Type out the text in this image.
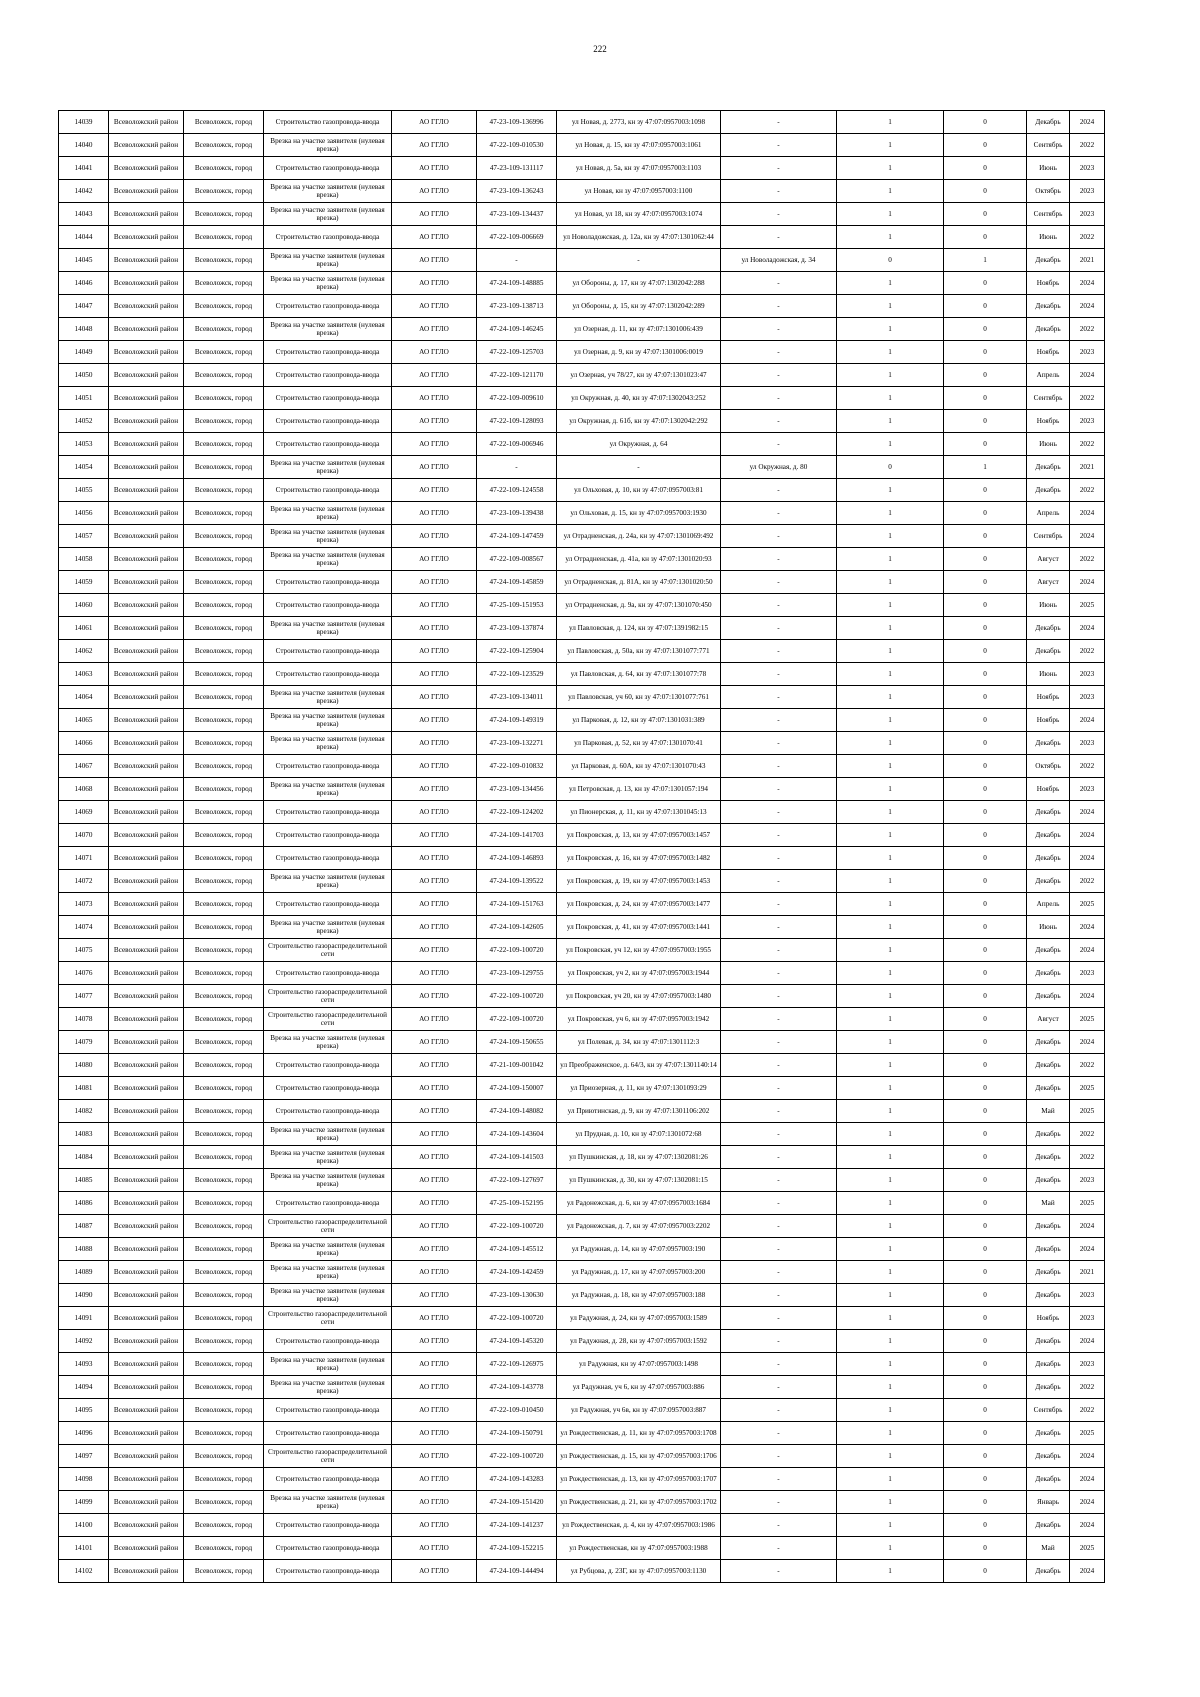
222
14039	Всеволожский район	Всеволожск, город	Строительство газопровода-ввода	АО ГГЛО	47-23-109-136996	ул Новая, д. 2773, кн зу 47:07:0957003:1098	-	1	0	Декабрь	2024
14040	Всеволожский район	Всеволожск, город	Врезка на участке заявителя (нулевая врезка)	АО ГГЛО	47-22-109-010530	ул Новая, д. 15, кн зу 47:07:0957003:1061	-	1	0	Сентябрь	2022
14041	Всеволожский район	Всеволожск, город	Строительство газопровода-ввода	АО ГГЛО	47-23-109-131117	ул Новая, д. 5а, кн зу 47:07:0957003:1103	-	1	0	Июнь	2023
14042	Всеволожский район	Всеволожск, город	Врезка на участке заявителя (нулевая врезка)	АО ГГЛО	47-23-109-136243	ул Новая, кн зу 47:07:0957003:1100	-	1	0	Октябрь	2023
14043	Всеволожский район	Всеволожск, город	Врезка на участке заявителя (нулевая врезка)	АО ГГЛО	47-23-109-134437	ул Новая, ул 18, кн зу 47:07:0957003:1074	-	1	0	Сентябрь	2023
14044	Всеволожский район	Всеволожск, город	Строительство газопровода-ввода	АО ГГЛО	47-22-109-006669	ул Новоладожская, д. 12а, кн зу 47:07:1301062:44	-	1	0	Июнь	2022
14045	Всеволожский район	Всеволожск, город	Врезка на участке заявителя (нулевая врезка)	АО ГГЛО	-	-	ул Новоладожская, д. 34	0	1	Декабрь	2021
14046	Всеволожский район	Всеволожск, город	Врезка на участке заявителя (нулевая врезка)	АО ГГЛО	47-24-109-148885	ул Обороны, д. 17, кн зу 47:07:1302042:288	-	1	0	Ноябрь	2024
14047	Всеволожский район	Всеволожск, город	Строительство газопровода-ввода	АО ГГЛО	47-23-109-138713	ул Обороны, д. 15, кн зу 47:07:1302042:289	-	1	0	Декабрь	2024
14048	Всеволожский район	Всеволожск, город	Врезка на участке заявителя (нулевая врезка)	АО ГГЛО	47-24-109-146245	ул Озерная, д. 11, кн зу 47:07:1301006:439	-	1	0	Декабрь	2022
14049	Всеволожский район	Всеволожск, город	Строительство газопровода-ввода	АО ГГЛО	47-22-109-125703	ул Озерная, д. 9, кн зу 47:07:1301006:0019	-	1	0	Ноябрь	2023
14050	Всеволожский район	Всеволожск, город	Строительство газопровода-ввода	АО ГГЛО	47-22-109-121170	ул Озерная, уч 78/27, кн зу 47:07:1301023:47	-	1	0	Апрель	2024
14051	Всеволожский район	Всеволожск, город	Строительство газопровода-ввода	АО ГГЛО	47-22-109-009610	ул Окружная, д. 40, кн зу 47:07:1302043:252	-	1	0	Сентябрь	2022
14052	Всеволожский район	Всеволожск, город	Строительство газопровода-ввода	АО ГГЛО	47-22-109-128093	ул Окружная, д. 61б, кн зу 47:07:1302042:292	-	1	0	Ноябрь	2023
14053	Всеволожский район	Всеволожск, город	Строительство газопровода-ввода	АО ГГЛО	47-22-109-006946	ул Окружная, д. 64	-	1	0	Июнь	2022
14054	Всеволожский район	Всеволожск, город	Врезка на участке заявителя (нулевая врезка)	АО ГГЛО	-	-	ул Окружная, д. 80	0	1	Декабрь	2021
14055	Всеволожский район	Всеволожск, город	Строительство газопровода-ввода	АО ГГЛО	47-22-109-124558	ул Ольховая, д. 10, кн зу 47:07:0957003:81	-	1	0	Декабрь	2022
14056	Всеволожский район	Всеволожск, город	Врезка на участке заявителя (нулевая врезка)	АО ГГЛО	47-23-109-139438	ул Ольховая, д. 15, кн зу 47:07:0957003:1930	-	1	0	Апрель	2024
14057	Всеволожский район	Всеволожск, город	Врезка на участке заявителя (нулевая врезка)	АО ГГЛО	47-24-109-147459	ул Отрадненская, д. 24а, кн зу 47:07:1301069:492	-	1	0	Сентябрь	2024
14058	Всеволожский район	Всеволожск, город	Врезка на участке заявителя (нулевая врезка)	АО ГГЛО	47-22-109-008567	ул Отрадненская, д. 41а, кн зу 47:07:1301020:93	-	1	0	Август	2022
14059	Всеволожский район	Всеволожск, город	Строительство газопровода-ввода	АО ГГЛО	47-24-109-145859	ул Отрадненская, д. 81А, кн зу 47:07:1301020:50	-	1	0	Август	2024
14060	Всеволожский район	Всеволожск, город	Строительство газопровода-ввода	АО ГГЛО	47-25-109-151953	ул Отрадненская, д. 9а, кн зу 47:07:1301070:450	-	1	0	Июнь	2025
14061	Всеволожский район	Всеволожск, город	Врезка на участке заявителя (нулевая врезка)	АО ГГЛО	47-23-109-137874	ул Павловская, д. 124, кн зу 47:07:1391982:15	-	1	0	Декабрь	2024
14062	Всеволожский район	Всеволожск, город	Строительство газопровода-ввода	АО ГГЛО	47-22-109-125904	ул Павловская, д. 50а, кн зу 47:07:1301077:771	-	1	0	Декабрь	2022
14063	Всеволожский район	Всеволожск, город	Строительство газопровода-ввода	АО ГГЛО	47-22-109-123529	ул Павловская, д. 64, кн зу 47:07:1301077:78	-	1	0	Июнь	2023
14064	Всеволожский район	Всеволожск, город	Врезка на участке заявителя (нулевая врезка)	АО ГГЛО	47-23-109-134011	ул Павловская, уч 60, кн зу 47:07:1301077:761	-	1	0	Ноябрь	2023
14065	Всеволожский район	Всеволожск, город	Врезка на участке заявителя (нулевая врезка)	АО ГГЛО	47-24-109-149319	ул Парковая, д. 12, кн зу 47:07:1301031:389	-	1	0	Ноябрь	2024
14066	Всеволожский район	Всеволожск, город	Врезка на участке заявителя (нулевая врезка)	АО ГГЛО	47-23-109-132271	ул Парковая, д. 52, кн зу 47:07:1301070:41	-	1	0	Декабрь	2023
14067	Всеволожский район	Всеволожск, город	Строительство газопровода-ввода	АО ГГЛО	47-22-109-010832	ул Парковая, д. 60А, кн зу 47:07:1301070:43	-	1	0	Октябрь	2022
14068	Всеволожский район	Всеволожск, город	Врезка на участке заявителя (нулевая врезка)	АО ГГЛО	47-23-109-134456	ул Петровская, д. 13, кн зу 47:07:1301057:194	-	1	0	Ноябрь	2023
14069	Всеволожский район	Всеволожск, город	Строительство газопровода-ввода	АО ГГЛО	47-22-109-124202	ул Пионерская, д. 11, кн зу 47:07:1301045:13	-	1	0	Декабрь	2024
14070	Всеволожский район	Всеволожск, город	Строительство газопровода-ввода	АО ГГЛО	47-24-109-141703	ул Покровская, д. 13, кн зу 47:07:0957003:1457	-	1	0	Декабрь	2024
14071	Всеволожский район	Всеволожск, город	Строительство газопровода-ввода	АО ГГЛО	47-24-109-146893	ул Покровская, д. 16, кн зу 47:07:0957003:1482	-	1	0	Декабрь	2024
14072	Всеволожский район	Всеволожск, город	Врезка на участке заявителя (нулевая врезка)	АО ГГЛО	47-24-109-139522	ул Покровская, д. 19, кн зу 47:07:0957003:1453	-	1	0	Декабрь	2022
14073	Всеволожский район	Всеволожск, город	Строительство газопровода-ввода	АО ГГЛО	47-24-109-151763	ул Покровская, д. 24, кн зу 47:07:0957003:1477	-	1	0	Апрель	2025
14074	Всеволожский район	Всеволожск, город	Врезка на участке заявителя (нулевая врезка)	АО ГГЛО	47-24-109-142605	ул Покровская, д. 41, кн зу 47:07:0957003:1441	-	1	0	Июнь	2024
14075	Всеволожский район	Всеволожск, город	Строительство газораспределительной сети	АО ГГЛО	47-22-109-100720	ул Покровская, уч 12, кн зу 47:07:0957003:1955	-	1	0	Декабрь	2024
14076	Всеволожский район	Всеволожск, город	Строительство газопровода-ввода	АО ГГЛО	47-23-109-129755	ул Покровская, уч 2, кн зу 47:07:0957003:1944	-	1	0	Декабрь	2023
14077	Всеволожский район	Всеволожск, город	Строительство газораспределительной сети	АО ГГЛО	47-22-109-100720	ул Покровская, уч 20, кн зу 47:07:0957003:1480	-	1	0	Декабрь	2024
14078	Всеволожский район	Всеволожск, город	Строительство газораспределительной сети	АО ГГЛО	47-22-109-100720	ул Покровская, уч 6, кн зу 47:07:0957003:1942	-	1	0	Август	2025
14079	Всеволожский район	Всеволожск, город	Врезка на участке заявителя (нулевая врезка)	АО ГГЛО	47-24-109-150655	ул Полевая, д. 34, кн зу 47:07:1301112:3	-	1	0	Декабрь	2024
14080	Всеволожский район	Всеволожск, город	Строительство газопровода-ввода	АО ГГЛО	47-21-109-001042	ул Преображенское, д. 64/3, кн зу 47:07:1301140:14	-	1	0	Декабрь	2022
14081	Всеволожский район	Всеволожск, город	Строительство газопровода-ввода	АО ГГЛО	47-24-109-150007	ул Приозерная, д. 11, кн зу 47:07:1301093:29	-	1	0	Декабрь	2025
14082	Всеволожский район	Всеволожск, город	Строительство газопровода-ввода	АО ГГЛО	47-24-109-148082	ул Приютинская, д. 9, кн зу 47:07:1301106:202	-	1	0	Май	2025
14083	Всеволожский район	Всеволожск, город	Врезка на участке заявителя (нулевая врезка)	АО ГГЛО	47-24-109-143604	ул Прудная, д. 10, кн зу 47:07:1301072:68	-	1	0	Декабрь	2022
14084	Всеволожский район	Всеволожск, город	Врезка на участке заявителя (нулевая врезка)	АО ГГЛО	47-24-109-141503	ул Пушкинская, д. 18, кн зу 47:07:1302081:26	-	1	0	Декабрь	2022
14085	Всеволожский район	Всеволожск, город	Врезка на участке заявителя (нулевая врезка)	АО ГГЛО	47-22-109-127697	ул Пушкинская, д. 30, кн зу 47:07:1302081:15	-	1	0	Декабрь	2023
14086	Всеволожский район	Всеволожск, город	Строительство газопровода-ввода	АО ГГЛО	47-25-109-152195	ул Радонежская, д. 6, кн зу 47:07:0957003:1684	-	1	0	Май	2025
14087	Всеволожский район	Всеволожск, город	Строительство газораспределительной сети	АО ГГЛО	47-22-109-100720	ул Радонежская, д. 7, кн зу 47:07:0957003:2202	-	1	0	Декабрь	2024
14088	Всеволожский район	Всеволожск, город	Врезка на участке заявителя (нулевая врезка)	АО ГГЛО	47-24-109-145512	ул Радужная, д. 14, кн зу 47:07:0957003:190	-	1	0	Декабрь	2024
14089	Всеволожский район	Всеволожск, город	Врезка на участке заявителя (нулевая врезка)	АО ГГЛО	47-24-109-142459	ул Радужная, д. 17, кн зу 47:07:0957003:200	-	1	0	Декабрь	2021
14090	Всеволожский район	Всеволожск, город	Врезка на участке заявителя (нулевая врезка)	АО ГГЛО	47-23-109-130630	ул Радужная, д. 18, кн зу 47:07:0957003:188	-	1	0	Декабрь	2023
14091	Всеволожский район	Всеволожск, город	Строительство газораспределительной сети	АО ГГЛО	47-22-109-100720	ул Радужная, д. 24, кн зу 47:07:0957003:1589	-	1	0	Ноябрь	2023
14092	Всеволожский район	Всеволожск, город	Строительство газопровода-ввода	АО ГГЛО	47-24-109-145320	ул Радужная, д. 28, кн зу 47:07:0957003:1592	-	1	0	Декабрь	2024
14093	Всеволожский район	Всеволожск, город	Врезка на участке заявителя (нулевая врезка)	АО ГГЛО	47-22-109-126975	ул Радужная, кн зу 47:07:0957003:1498	-	1	0	Декабрь	2023
14094	Всеволожский район	Всеволожск, город	Врезка на участке заявителя (нулевая врезка)	АО ГГЛО	47-24-109-143778	ул Радужная, уч 6, кн зу 47:07:0957003:886	-	1	0	Декабрь	2022
14095	Всеволожский район	Всеволожск, город	Строительство газопровода-ввода	АО ГГЛО	47-22-109-010450	ул Радужная, уч 6в, кн зу 47:07:0957003:887	-	1	0	Сентябрь	2022
14096	Всеволожский район	Всеволожск, город	Строительство газопровода-ввода	АО ГГЛО	47-24-109-150791	ул Рождественская, д. 11, кн зу 47:07:0957003:1708	-	1	0	Декабрь	2025
14097	Всеволожский район	Всеволожск, город	Строительство газораспределительной сети	АО ГГЛО	47-22-109-100720	ул Рождественская, д. 15, кн зу 47:07:0957003:1706	-	1	0	Декабрь	2024
14098	Всеволожский район	Всеволожск, город	Строительство газопровода-ввода	АО ГГЛО	47-24-109-143283	ул Рождественская, д. 13, кн зу 47:07:0957003:1707	-	1	0	Декабрь	2024
14099	Всеволожский район	Всеволожск, город	Врезка на участке заявителя (нулевая врезка)	АО ГГЛО	47-24-109-151420	ул Рождественская, д. 21, кн зу 47:07:0957003:1702	-	1	0	Январь	2024
14100	Всеволожский район	Всеволожск, город	Строительство газопровода-ввода	АО ГГЛО	47-24-109-141237	ул Рождественская, д. 4, кн зу 47:07:0957003:1986	-	1	0	Декабрь	2024
14101	Всеволожский район	Всеволожск, город	Строительство газопровода-ввода	АО ГГЛО	47-24-109-152215	ул Рождественская, кн зу 47:07:0957003:1988	-	1	0	Май	2025
14102	Всеволожский район	Всеволожск, город	Строительство газопровода-ввода	АО ГГЛО	47-24-109-144494	ул Рубцова, д. 23Г, кн зу 47:07:0957003:1130	-	1	0	Декабрь	2024
